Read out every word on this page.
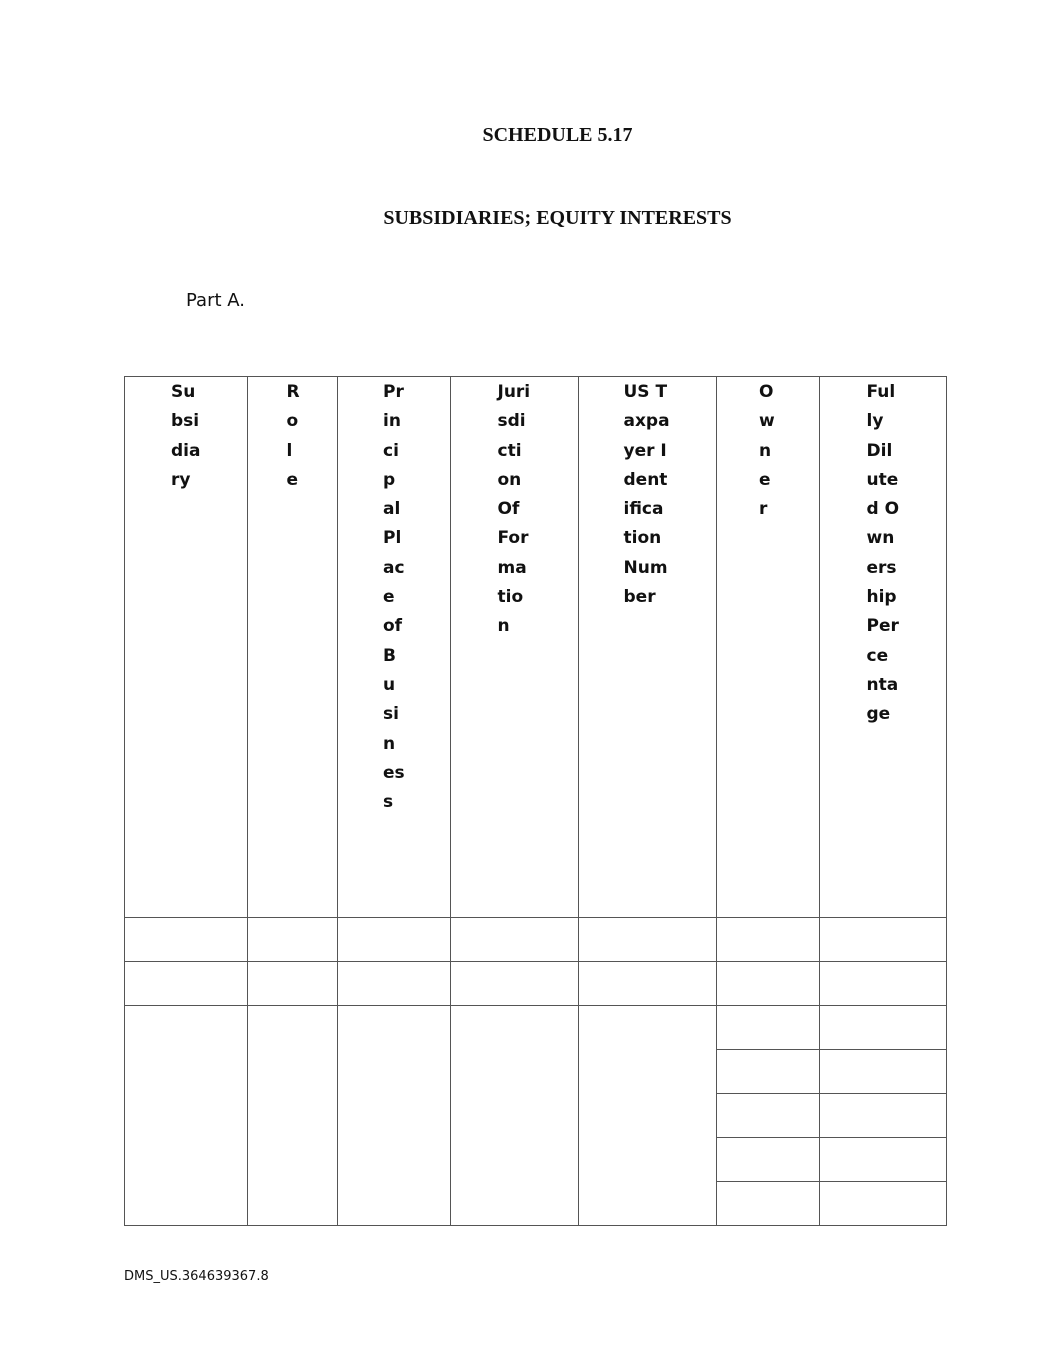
SCHEDULE 5.17
SUBSIDIARIES; EQUITY INTERESTS
Part A.
Subsidiary	Role	Principal Place of Business	Jurisdiction Of Formation	US Taxpayer Identification Number	Owner	Fully Diluted Ownership Percentage

DMS_US.364639367.8
